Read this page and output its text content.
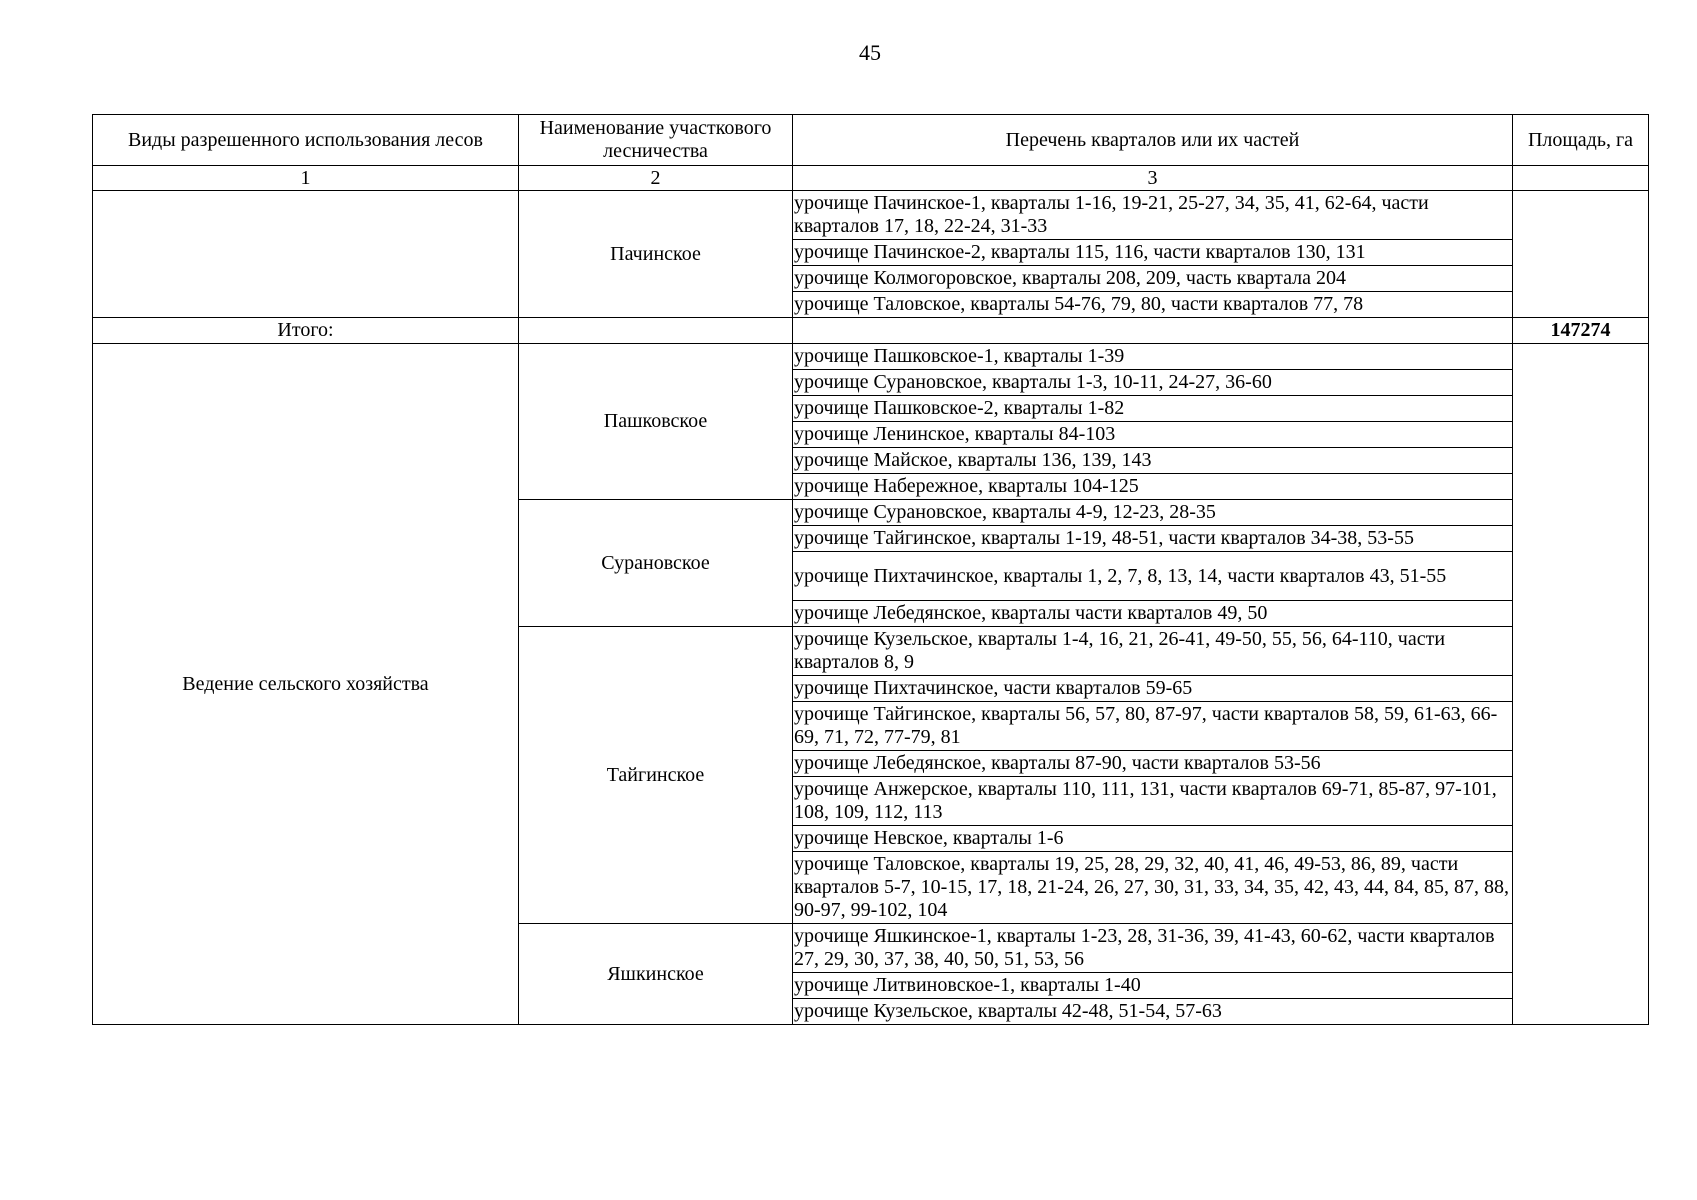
45
Виды разрешенного использования лесов	Наименование участкового лесничества	Перечень кварталов или их частей	Площадь, га
1	2	3	
	Пачинское	урочище Пачинское-1, кварталы 1-16, 19-21, 25-27, 34, 35, 41, 62-64, части кварталов 17, 18, 22-24, 31-33	
		урочище Пачинское-2, кварталы 115, 116, части кварталов 130, 131	
		урочище Колмогоровское, кварталы 208, 209, часть квартала 204	
		урочище Таловское, кварталы 54-76, 79, 80, части кварталов 77, 78	
Итого:			147274
Ведение сельского хозяйства	Пашковское	урочище Пашковское-1, кварталы 1-39	
		урочище Сурановское, кварталы 1-3, 10-11, 24-27, 36-60	
		урочище Пашковское-2, кварталы 1-82	
		урочище Ленинское, кварталы 84-103	
		урочище Майское, кварталы 136, 139, 143	
		урочище Набережное, кварталы 104-125	
	Сурановское	урочище Сурановское, кварталы 4-9, 12-23, 28-35	
		урочище Тайгинское, кварталы 1-19, 48-51, части кварталов 34-38, 53-55	
		урочище Пихтачинское, кварталы 1, 2, 7, 8, 13, 14, части кварталов 43, 51-55	
		урочище Лебедянское, кварталы части кварталов 49, 50	
	Тайгинское	урочище Кузельское, кварталы 1-4, 16, 21, 26-41, 49-50, 55, 56, 64-110, части кварталов 8, 9	
		урочище Пихтачинское, части кварталов 59-65	
		урочище Тайгинское, кварталы 56, 57, 80, 87-97, части кварталов 58, 59, 61-63, 66-69, 71, 72, 77-79, 81	
		урочище Лебедянское, кварталы 87-90, части кварталов 53-56	
		урочище Анжерское, кварталы 110, 111, 131, части кварталов 69-71, 85-87, 97-101, 108, 109, 112, 113	
		урочище Невское, кварталы 1-6	
		урочище Таловское, кварталы 19, 25, 28, 29, 32, 40, 41, 46, 49-53, 86, 89, части кварталов 5-7, 10-15, 17, 18, 21-24, 26, 27, 30, 31, 33, 34, 35, 42, 43, 44, 84, 85, 87, 88, 90-97, 99-102, 104	
	Яшкинское	урочище Яшкинское-1, кварталы 1-23, 28, 31-36, 39, 41-43, 60-62, части кварталов 27, 29, 30, 37, 38, 40, 50, 51, 53, 56	
		урочище Литвиновское-1, кварталы 1-40	
		урочище Кузельское, кварталы 42-48, 51-54, 57-63	
